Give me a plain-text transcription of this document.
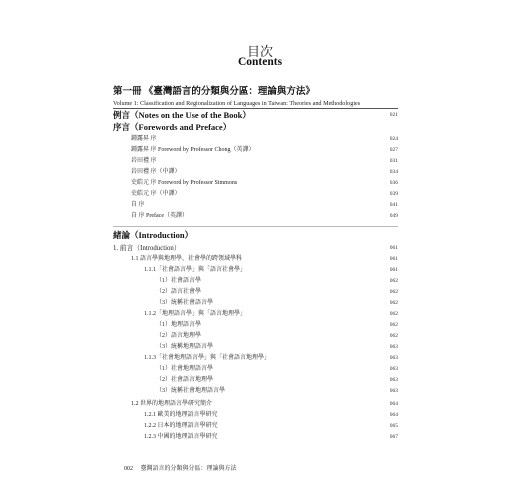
目次
Contents
第一冊 《臺灣語言的分類與分區：理論與方法》
Volume 1: Classification and Regionalization of Languages in Taiwan: Theories and Methodologies
例言（Notes on the Use of the Book）	021
序言（Forewords and Preface）
鍾露昇 序	024
鍾露昇 序 Foreword by Professor Chong（英譯）	027
岩田禮 序	031
岩田禮 序（中譯）	034
史皓元 序 Foreword by Professor Simmons	036
史皓元 序（中譯）	039
自 序	041
自 序 Preface（英譯）	049
緒論（Introduction）
1. 前言（Introduction）	061
1.1 語言學與地理學、社會學的跨領域學科	061
1.1.1「社會語言學」與「語言社會學」	061
（1）社會語言學	062
（2）語言社會學	062
（3）統稱社會語言學	062
1.1.2「地理語言學」與「語言地理學」	062
（1）地理語言學	062
（2）語言地理學	062
（3）統稱地理語言學	063
1.1.3「社會地理語言學」與「社會語言地理學」	063
（1）社會地理語言學	063
（2）社會語言地理學	063
（3）統稱社會地理語言學	063
1.2 世界的地理語言學研究簡介	064
1.2.1 歐美的地理語言學研究	064
1.2.2 日本的地理語言學研究	065
1.2.3 中國的地理語言學研究	067
002 臺灣語言的分類與分區：理論與方法
